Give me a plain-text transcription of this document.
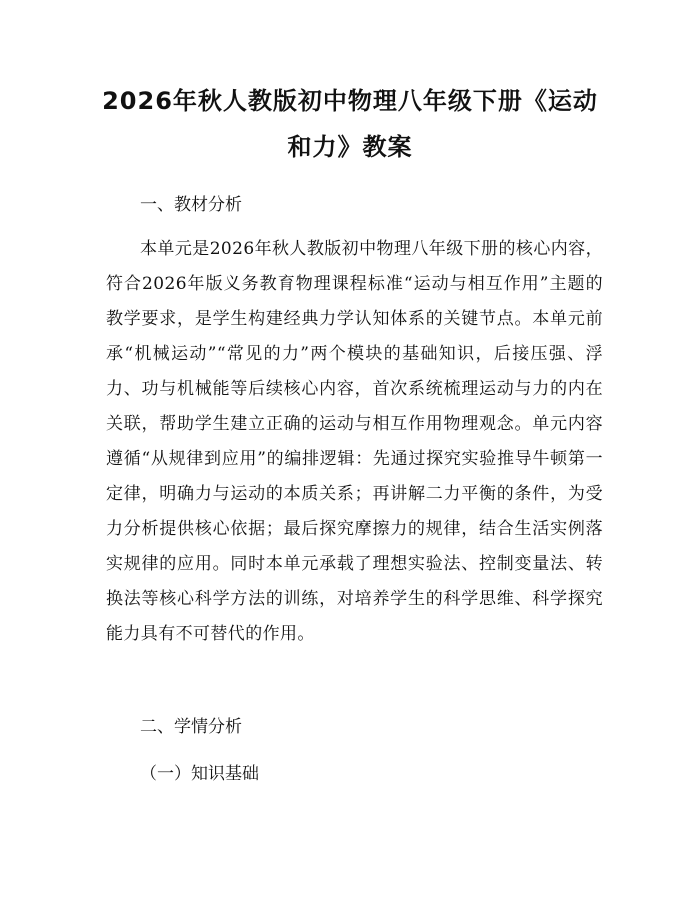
2026年秋人教版初中物理八年级下册《运动和力》教案
一、教材分析
本单元是2026年秋人教版初中物理八年级下册的核心内容，符合2026年版义务教育物理课程标准“运动与相互作用”主题的教学要求，是学生构建经典力学认知体系的关键节点。本单元前承“机械运动”“常见的力”两个模块的基础知识，后接压强、浮力、功与机械能等后续核心内容，首次系统梳理运动与力的内在关联，帮助学生建立正确的运动与相互作用物理观念。单元内容遵循“从规律到应用”的编排逻辑：先通过探究实验推导牛顿第一定律，明确力与运动的本质关系；再讲解二力平衡的条件，为受力分析提供核心依据；最后探究摩擦力的规律，结合生活实例落实规律的应用。同时本单元承载了理想实验法、控制变量法、转换法等核心科学方法的训练，对培养学生的科学思维、科学探究能力具有不可替代的作用。
二、学情分析
（一）知识基础
